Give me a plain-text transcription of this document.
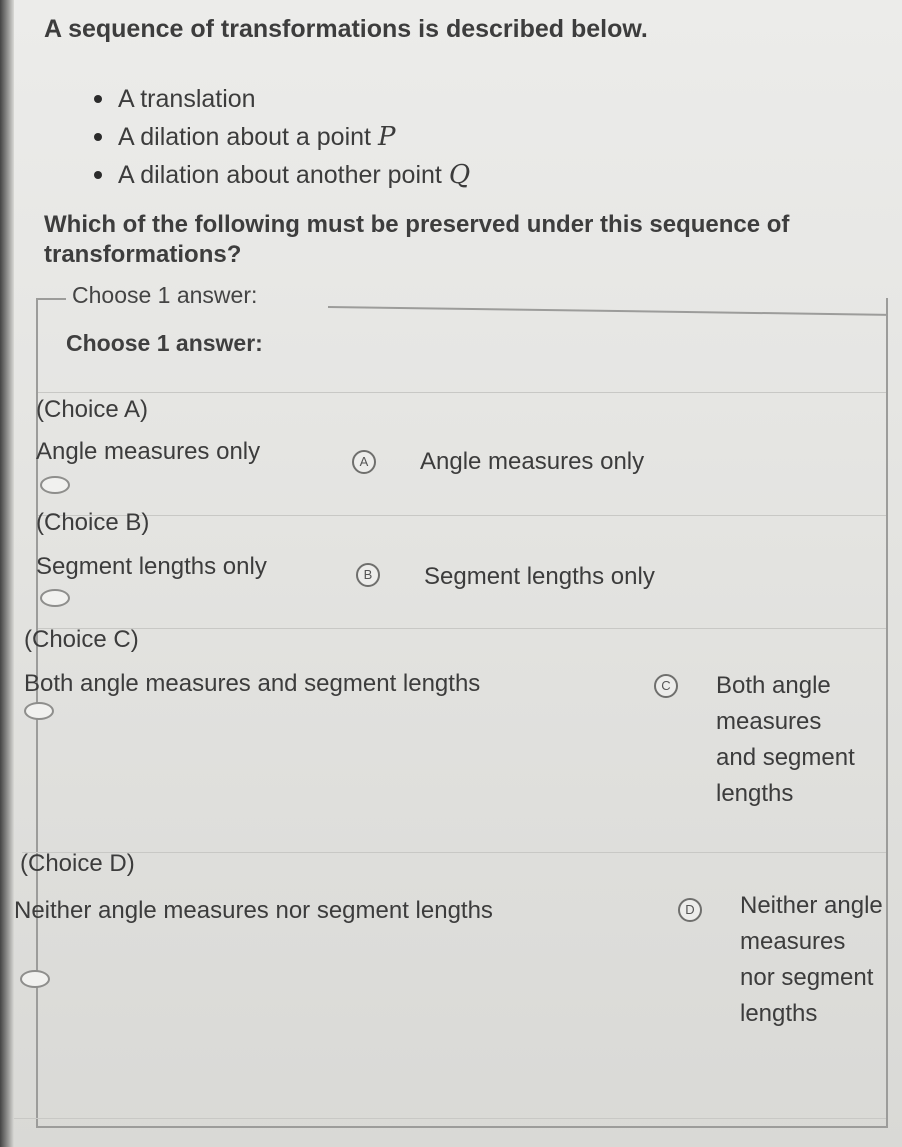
A sequence of transformations is described below.
A translation
A dilation about a point P
A dilation about another point Q
Which of the following must be preserved under this sequence of transformations?
Choose 1 answer:
Choose 1 answer:
(Choice A)
Angle measures only	A	Angle measures only
(Choice B)
Segment lengths only	B	Segment lengths only
(Choice C)
Both angle measures and segment lengths	C	Both angle measures and segment lengths
(Choice D)
Neither angle measures nor segment lengths	D	Neither angle measures nor segment lengths
